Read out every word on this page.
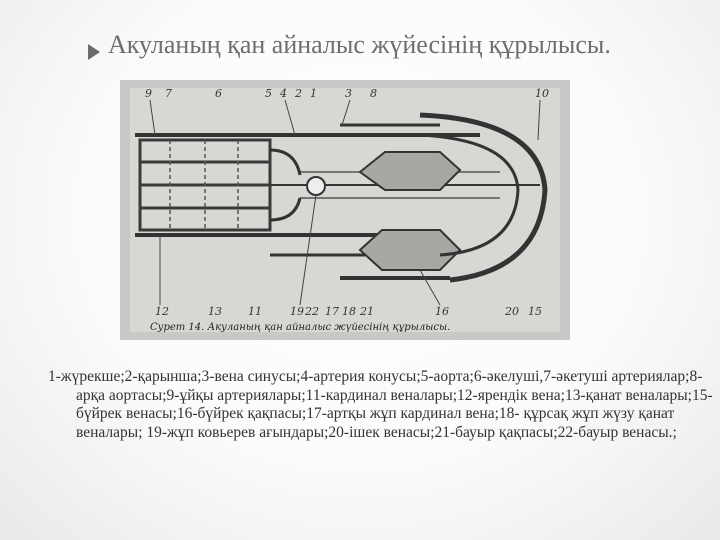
Акуланың қан айналыс жүйесінің құрылысы.
9 7	6	5 4 2 1	3 8	10
12	13 11	19 22 17 18 21	16	20 15
Сурет 14. Акуланың қан айналыс жүйесінің құрылысы.
1-жүрекше;2-қарынша;3-вена синусы;4-артерия конусы;5-аорта;6-әкелуші,7-әкетуші артериялар;8-арқа аортасы;9-ұйқы артериялары;11-кардинал веналары;12-ярендік вена;13-қанат веналары;15-бүйрек венасы;16-бүйрек қақпасы;17-артқы жұп кардинал вена;18- құрсақ жұп жүзу қанат веналары; 19-жұп ковьерев ағындары;20-ішек венасы;21-бауыр қақпасы;22-бауыр венасы.;
